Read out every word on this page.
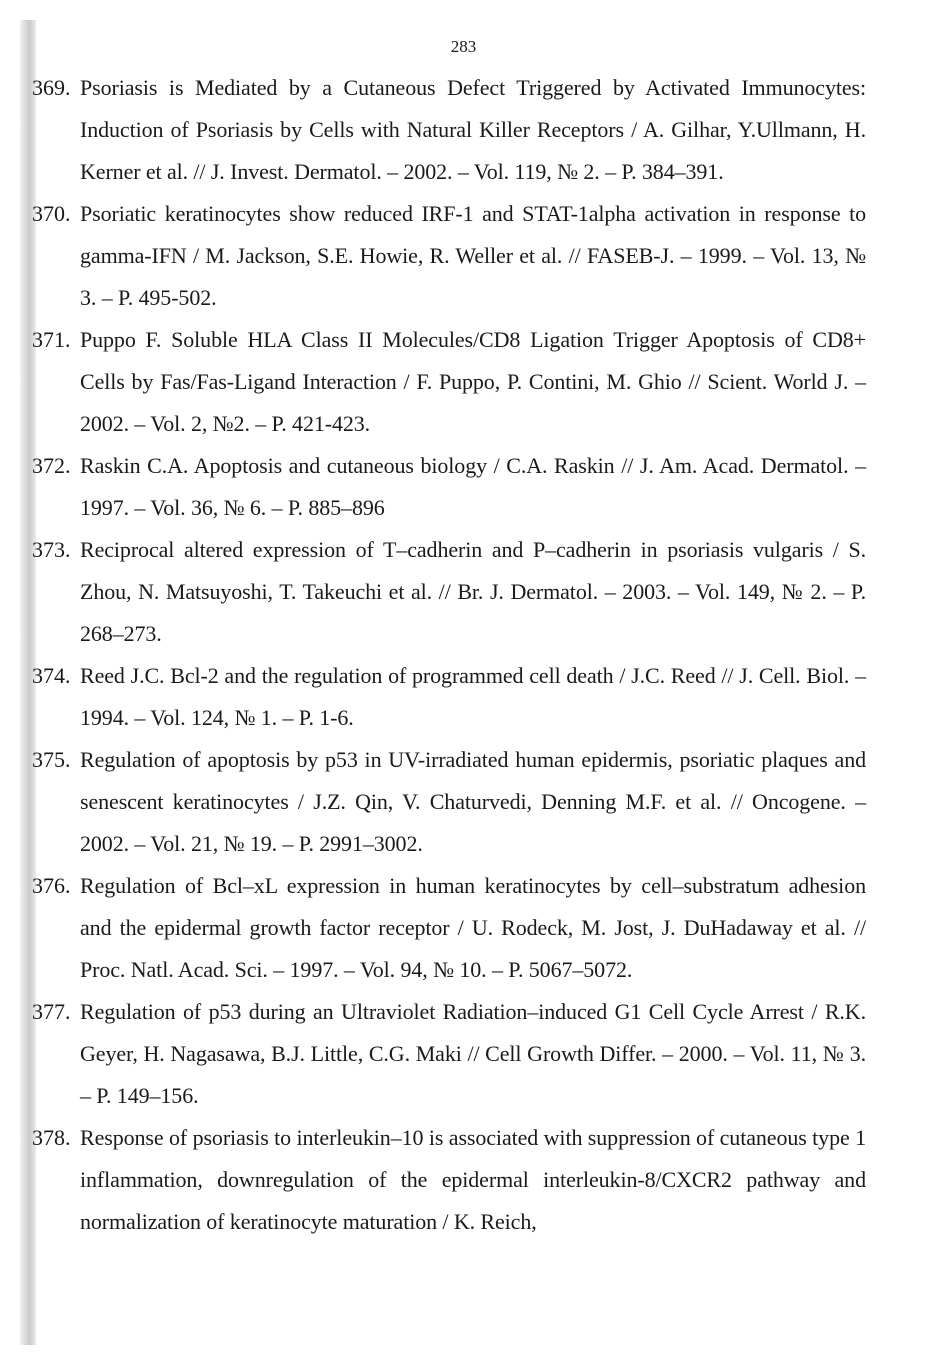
283
369. Psoriasis is Mediated by a Cutaneous Defect Triggered by Activated Immunocytes: Induction of Psoriasis by Cells with Natural Killer Receptors / A. Gilhar, Y.Ullmann, H. Kerner et al. // J. Invest. Dermatol. – 2002. – Vol. 119, № 2. – P. 384–391.
370. Psoriatic keratinocytes show reduced IRF-1 and STAT-1alpha activation in response to gamma-IFN / M. Jackson, S.E. Howie, R. Weller et al. // FASEB-J. – 1999. – Vol. 13, № 3. – P. 495-502.
371. Puppo F. Soluble HLA Class II Molecules/CD8 Ligation Trigger Apoptosis of CD8+ Cells by Fas/Fas-Ligand Interaction / F. Puppo, P. Contini, M. Ghio // Scient. World J. – 2002. – Vol. 2, №2. – P. 421-423.
372. Raskin C.A. Apoptosis and cutaneous biology / C.A. Raskin // J. Am. Acad. Dermatol. – 1997. – Vol. 36, № 6. – P. 885–896
373. Reciprocal altered expression of T–cadherin and P–cadherin in psoriasis vulgaris / S. Zhou, N. Matsuyoshi, T. Takeuchi et al. // Br. J. Dermatol. – 2003. – Vol. 149, № 2. – P. 268–273.
374. Reed J.C. Bcl-2 and the regulation of programmed cell death / J.C. Reed // J. Cell. Biol. – 1994. – Vol. 124, № 1. – P. 1-6.
375. Regulation of apoptosis by p53 in UV-irradiated human epidermis, psoriatic plaques and senescent keratinocytes / J.Z. Qin, V. Chaturvedi, Denning M.F. et al. // Oncogene. – 2002. – Vol. 21, № 19. – P. 2991–3002.
376. Regulation of Bcl–xL expression in human keratinocytes by cell–substratum adhesion and the epidermal growth factor receptor / U. Rodeck, M. Jost, J. DuHadaway et al. // Proc. Natl. Acad. Sci. – 1997. – Vol. 94, № 10. – P. 5067–5072.
377. Regulation of p53 during an Ultraviolet Radiation–induced G1 Cell Cycle Arrest / R.K. Geyer, H. Nagasawa, B.J. Little, C.G. Maki // Cell Growth Differ. – 2000. – Vol. 11, № 3. – P. 149–156.
378. Response of psoriasis to interleukin–10 is associated with suppression of cutaneous type 1 inflammation, downregulation of the epidermal interleukin-8/CXCR2 pathway and normalization of keratinocyte maturation / K. Reich,
